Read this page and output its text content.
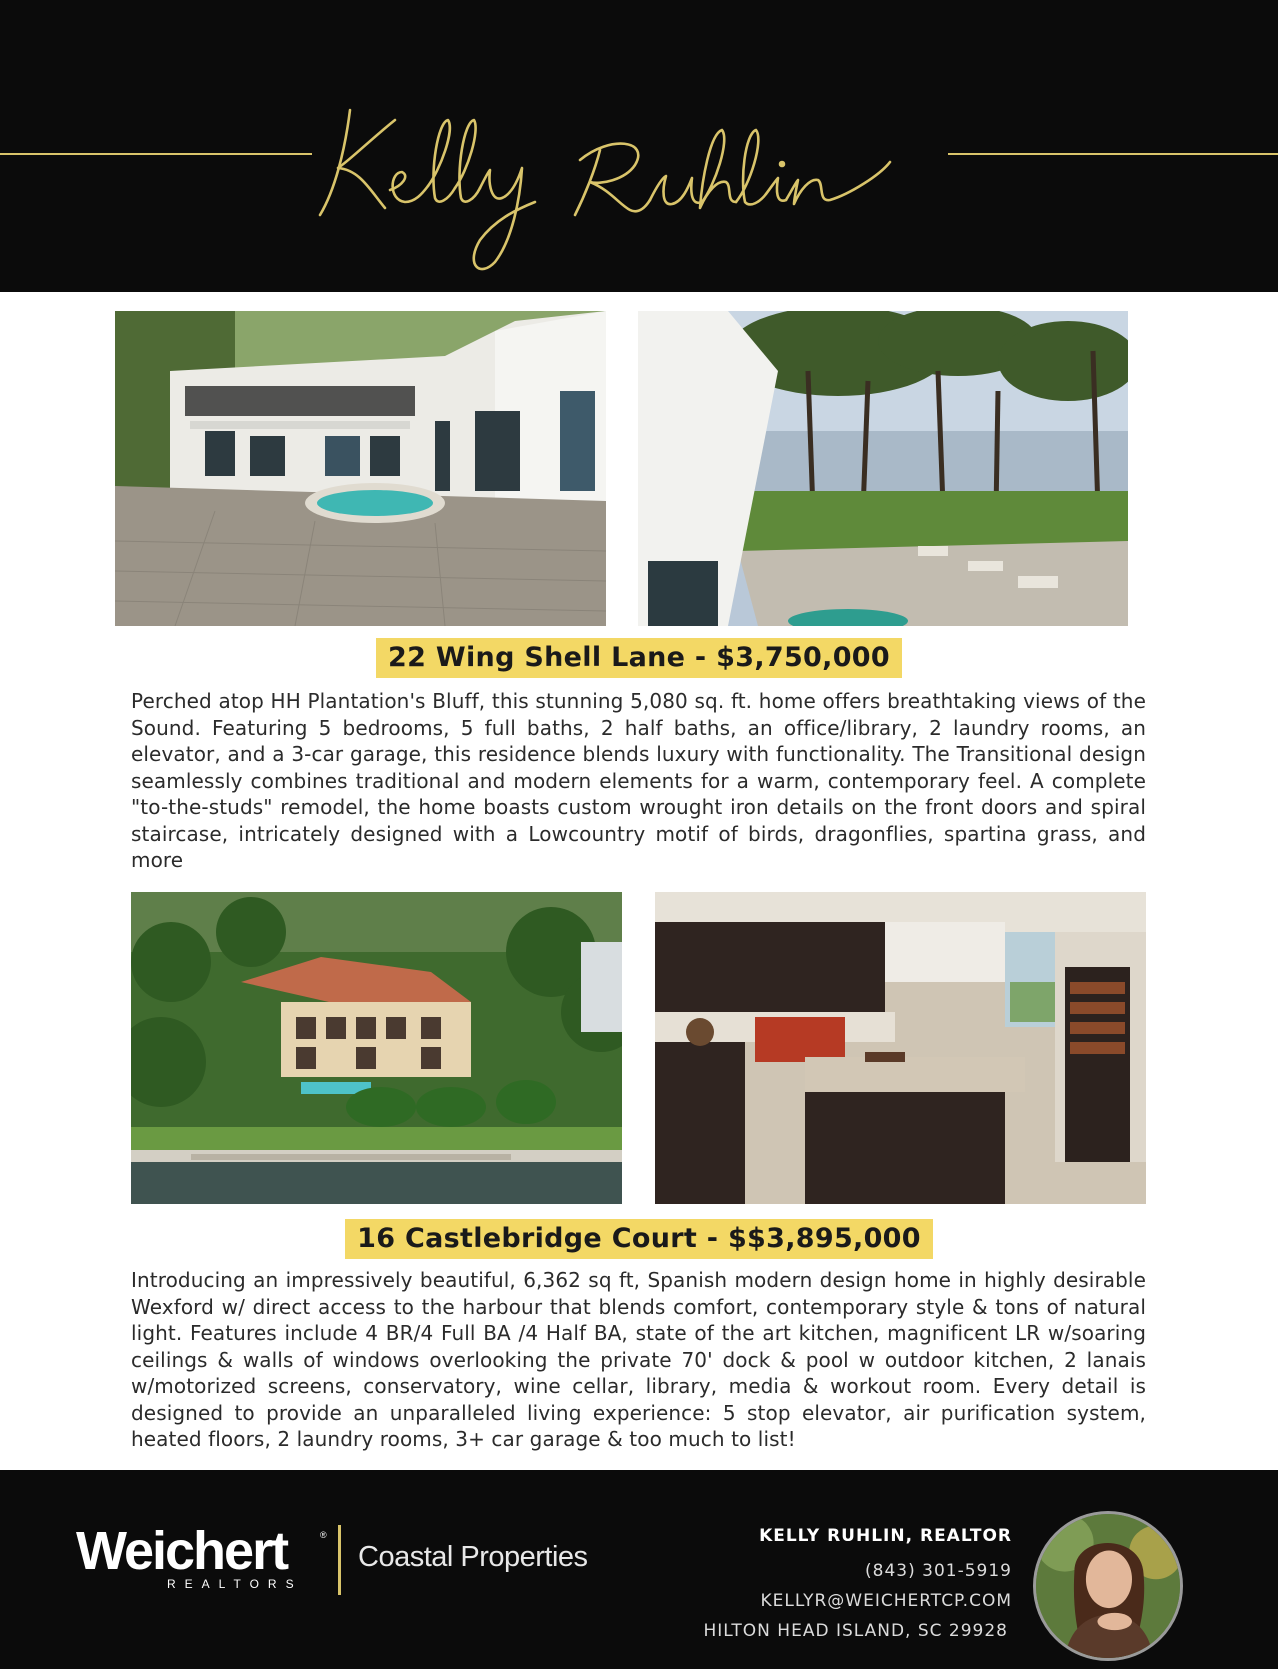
22 Wing Shell Lane - $3,750,000

Perched atop HH Plantation's Bluff, this stunning 5,080 sq. ft. home offers breathtaking views of the Sound. Featuring 5 bedrooms, 5 full baths, 2 half baths, an office/library, 2 laundry rooms, an elevator, and a 3-car garage, this residence blends luxury with functionality. The Transitional design seamlessly combines traditional and modern elements for a warm, contemporary feel. A complete "to-the-studs" remodel, the home boasts custom wrought iron details on the front doors and spiral staircase, intricately designed with a Lowcountry motif of birds, dragonflies, spartina grass, and more

16 Castlebridge Court - $$3,895,000

Introducing an impressively beautiful, 6,362 sq ft, Spanish modern design home in highly desirable Wexford w/ direct access to the harbour that blends comfort, contemporary style & tons of natural light. Features include 4 BR/4 Full BA /4 Half BA, state of the art kitchen, magnificent LR w/soaring ceilings & walls of windows overlooking the private 70' dock & pool w outdoor kitchen, 2 lanais w/motorized screens, conservatory, wine cellar, library, media & workout room. Every detail is designed to provide an unparalleled living experience: 5 stop elevator, air purification system, heated floors, 2 laundry rooms, 3+ car garage & too much to list!

Weichert	®
REALTORS
Coastal Properties
KELLY RUHLIN, REALTOR
(843) 301-5919
KELLYR@WEICHERTCP.COM
HILTON HEAD ISLAND, SC 29928
